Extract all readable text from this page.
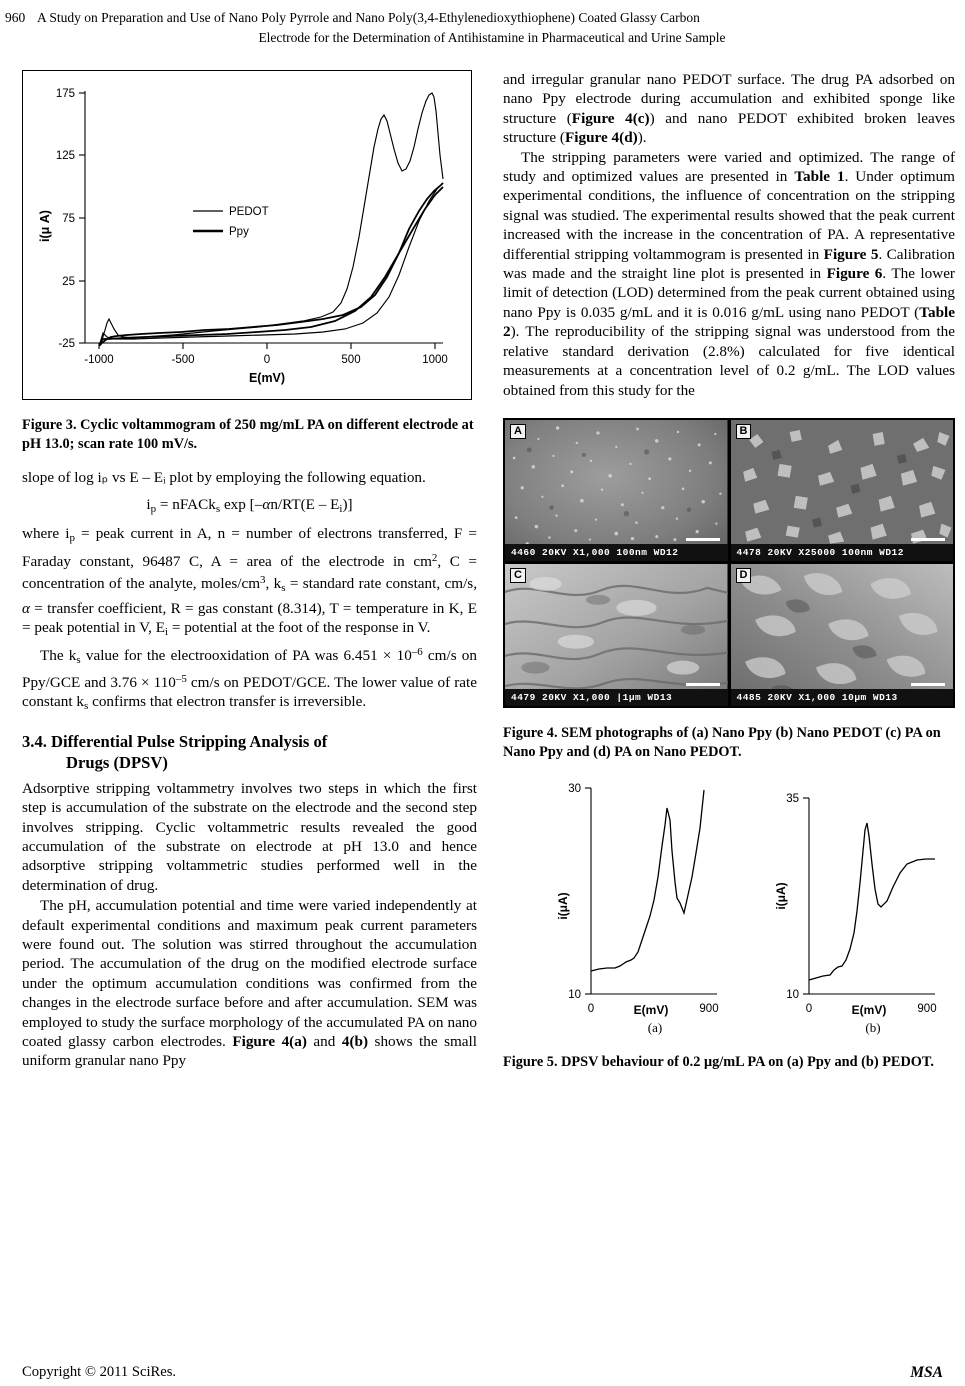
960 A Study on Preparation and Use of Nano Poly Pyrrole and Nano Poly(3,4-Ethylenedioxythiophene) Coated Glassy Carbon
Electrode for the Determination of Antihistamine in Pharmaceutical and Urine Sample
175
125
75
25
-25
-1000	-500	0	500	1000
E(mV)
i(μ A)	PEDOT
Ppy
Figure 3. Cyclic voltammogram of 250 mg/mL PA on different electrode at pH 13.0; scan rate 100 mV/s.

slope of log iₚ vs E – Eᵢ plot by employing the following equation.

$i_p$ = nFACk$_s$ $\exp [-\alpha n/RT(E - E_i)]$

where $i_p$ = peak current in A, n = number of electrons transferred, F = Faraday constant, 96487 C, A = area of the electrode in $cm^2$, C = concentration of the analyte, moles/$cm^3$, $k_s$ = standard rate constant, cm/s, α = transfer coefficient, R = gas constant (8.314), T = temperature in K, E = peak potential in V, $E_i$ = potential at the foot of the response in V.

The $k_s$ value for the electrooxidation of PA was $6.451 \times 10^{-6}$ cm/s on Ppy/GCE and $3.76 \times 110^{-5}$ cm/s on PEDOT/GCE. The lower value of rate constant $k_s$ confirms that electron transfer is irreversible.

3.4. Differential Pulse Stripping Analysis of
Drugs (DPSV)

Adsorptive stripping voltammetry involves two steps in which the first step is accumulation of the substrate on the electrode and the second step involves stripping. Cyclic voltammetric results revealed the good accumulation of the substrate on electrode at pH 13.0 and hence adsorptive stripping voltammetric studies performed well in the determination of drug.

The pH, accumulation potential and time were varied independently at default experimental conditions and maximum peak current parameters were found out. The solution was stirred throughout the accumulation period. The accumulation of the drug on the modified electrode surface under the optimum accumulation conditions was confirmed from the changes in the electrode surface before and after accumulation. SEM was employed to study the surface morphology of the accumulated PA on nano coated glassy carbon electrodes. Figure 4(a) and 4(b) shows the small uniform granular nano Ppy

and irregular granular nano PEDOT surface. The drug PA adsorbed on nano Ppy electrode during accumulation and exhibited sponge like structure (Figure 4(c)) and nano PEDOT exhibited broken leaves structure (Figure 4(d)).

The stripping parameters were varied and optimized. The range of study and optimized values are presented in Table 1. Under optimum experimental conditions, the influence of concentration on the stripping signal was studied. The experimental results showed that the peak current increased with the increase in the concentration of PA. A representative differential stripping voltammogram is presented in Figure 5. Calibration was made and the straight line plot is presented in Figure 6. The lower limit of detection (LOD) determined from the peak current obtained using nano Ppy is 0.035 g/mL and it is 0.016 g/mL using nano PEDOT (Table 2). The reproducibility of the stripping signal was understood from the relative standard derivation (2.8%) calculated for five identical measurements at a concentration level of 0.2 g/mL. The LOD values obtained from this study for the

A
4460 20KV X1,000 100nm WD12
B
4478 20KV X25000 100nm WD12
C
4479 20KV X1,000 |1μm WD13
D
4485 20KV X1,000 10μm WD13
Figure 4. SEM photographs of (a) Nano Ppy (b) Nano PEDOT (c) PA on Nano Ppy and (d) PA on Nano PEDOT.
30
10
0	900
E(mV)
i(μA)
(a)
35
10
0	900
E(mV)
i(μA)
(b)
Figure 5. DPSV behaviour of 0.2 μg/mL PA on (a) Ppy and (b) PEDOT.
Copyright © 2011 SciRes.	MSA
